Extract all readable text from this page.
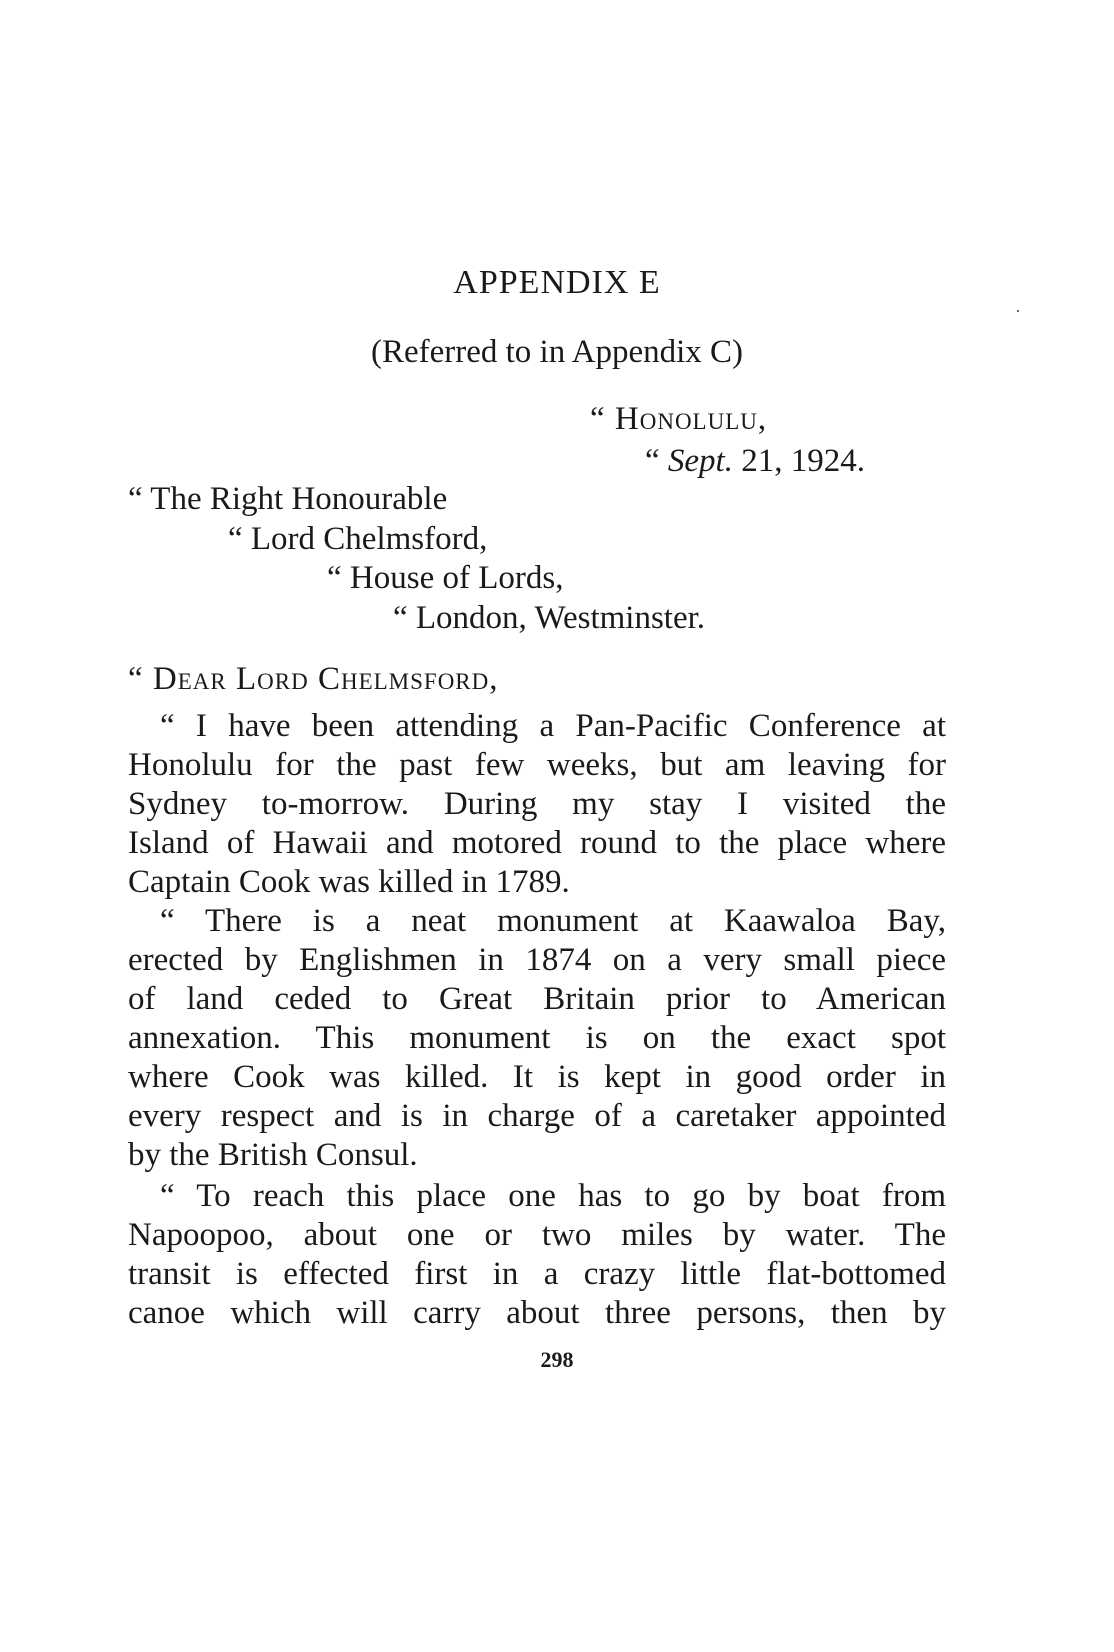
APPENDIX E
(Referred to in Appendix C)
“ Honolulu,
“ Sept. 21, 1924.
“ The Right Honourable
“ Lord Chelmsford,
“ House of Lords,
“ London, Westminster.
“ Dear Lord Chelmsford,
“ I have been attending a Pan-Pacific Conference at
Honolulu for the past few weeks, but am leaving for
Sydney to-morrow. During my stay I visited the
Island of Hawaii and motored round to the place where
Captain Cook was killed in 1789.
“ There is a neat monument at Kaawaloa Bay,
erected by Englishmen in 1874 on a very small piece
of land ceded to Great Britain prior to American
annexation. This monument is on the exact spot
where Cook was killed. It is kept in good order in
every respect and is in charge of a caretaker appointed
by the British Consul.
“ To reach this place one has to go by boat from
Napoopoo, about one or two miles by water. The
transit is effected first in a crazy little flat-bottomed
canoe which will carry about three persons, then by
298
